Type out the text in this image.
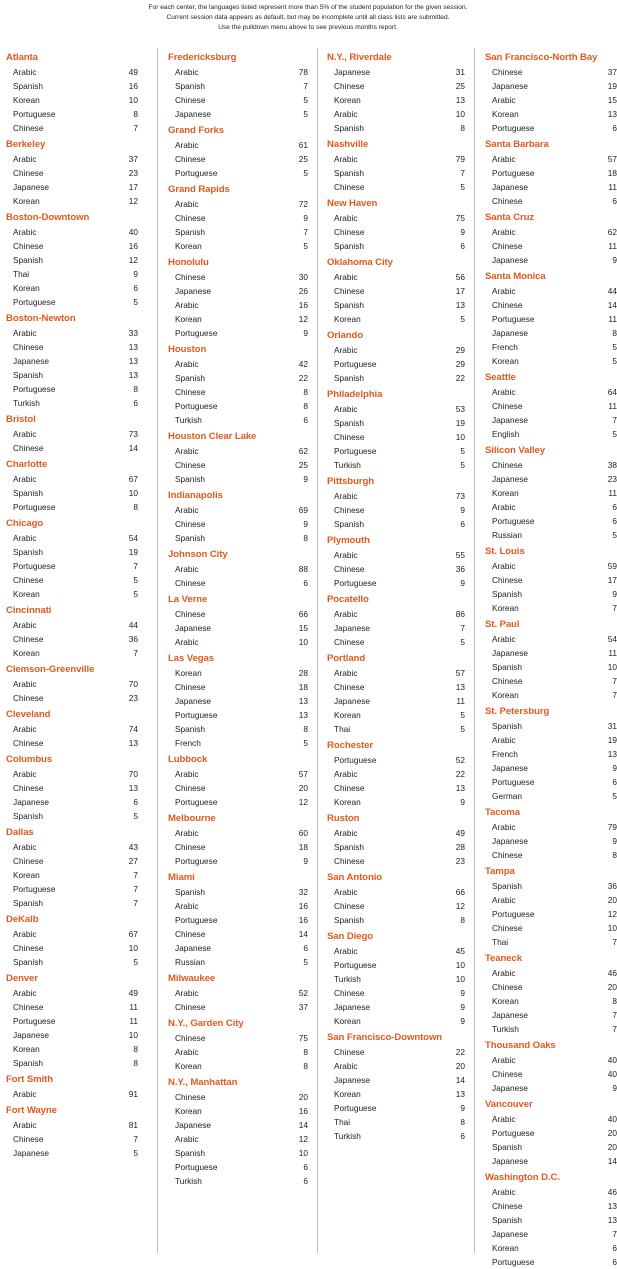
For each center, the languages listed represent more than 5% of the student population for the given session.
Current session data appears as default, but may be incomplete until all class lists are submitted.
Use the pulldown menu above to see previous months report.
Atlanta
Arabic	49
Spanish	16
Korean	10
Portuguese	8
Chinese	7
Berkeley
Arabic	37
Chinese	23
Japanese	17
Korean	12
Boston-Downtown
Arabic	40
Chinese	16
Spanish	12
Thai	9
Korean	6
Portuguese	5
Boston-Newton
Arabic	33
Chinese	13
Japanese	13
Spanish	13
Portuguese	8
Turkish	6
Bristol
Arabic	73
Chinese	14
Charlotte
Arabic	67
Spanish	10
Portuguese	8
Chicago
Arabic	54
Spanish	19
Portuguese	7
Chinese	5
Korean	5
Cincinnati
Arabic	44
Chinese	36
Korean	7
Clemson-Greenville
Arabic	70
Chinese	23
Cleveland
Arabic	74
Chinese	13
Columbus
Arabic	70
Chinese	13
Japanese	6
Spanish	5
Dallas
Arabic	43
Chinese	27
Korean	7
Portuguese	7
Spanish	7
DeKalb
Arabic	67
Chinese	10
Spanish	5
Denver
Arabic	49
Chinese	11
Portuguese	11
Japanese	10
Korean	8
Spanish	8
Fort Smith
Arabic	91
Fort Wayne
Arabic	81
Chinese	7
Japanese	5
Fredericksburg
Arabic	78
Spanish	7
Chinese	5
Japanese	5
Grand Forks
Arabic	61
Chinese	25
Portuguese	5
Grand Rapids
Arabic	72
Chinese	9
Spanish	7
Korean	5
Honolulu
Chinese	30
Japanese	26
Arabic	16
Korean	12
Portuguese	9
Houston
Arabic	42
Spanish	22
Chinese	8
Portuguese	8
Turkish	6
Houston Clear Lake
Arabic	62
Chinese	25
Spanish	9
Indianapolis
Arabic	69
Chinese	9
Spanish	8
Johnson City
Arabic	88
Chinese	6
La Verne
Chinese	66
Japanese	15
Arabic	10
Las Vegas
Korean	28
Chinese	18
Japanese	13
Portuguese	13
Spanish	8
French	5
Lubbock
Arabic	57
Chinese	20
Portuguese	12
Melbourne
Arabic	60
Chinese	18
Portuguese	9
Miami
Spanish	32
Arabic	16
Portuguese	16
Chinese	14
Japanese	6
Russian	5
Milwaukee
Arabic	52
Chinese	37
N.Y., Garden City
Chinese	75
Arabic	8
Korean	8
N.Y., Manhattan
Chinese	20
Korean	16
Japanese	14
Arabic	12
Spanish	10
Portuguese	6
Turkish	6
N.Y., Riverdale
Japanese	31
Chinese	25
Korean	13
Arabic	10
Spanish	8
Nashville
Arabic	79
Spanish	7
Chinese	5
New Haven
Arabic	75
Chinese	9
Spanish	6
Oklahoma City
Arabic	56
Chinese	17
Spanish	13
Korean	5
Orlando
Arabic	29
Portuguese	29
Spanish	22
Philadelphia
Arabic	53
Spanish	19
Chinese	10
Portuguese	5
Turkish	5
Pittsburgh
Arabic	73
Chinese	9
Spanish	6
Plymouth
Arabic	55
Chinese	36
Portuguese	9
Pocatello
Arabic	86
Japanese	7
Chinese	5
Portland
Arabic	57
Chinese	13
Japanese	11
Korean	5
Thai	5
Rochester
Portuguese	52
Arabic	22
Chinese	13
Korean	9
Ruston
Arabic	49
Spanish	28
Chinese	23
San Antonio
Arabic	66
Chinese	12
Spanish	8
San Diego
Arabic	45
Portuguese	10
Turkish	10
Chinese	9
Japanese	9
Korean	9
San Francisco-Downtown
Chinese	22
Arabic	20
Japanese	14
Korean	13
Portuguese	9
Thai	8
Turkish	6
San Francisco-North Bay
Chinese	37
Japanese	19
Arabic	15
Korean	13
Portuguese	6
Santa Barbara
Arabic	57
Portuguese	18
Japanese	11
Chinese	6
Santa Cruz
Arabic	62
Chinese	11
Japanese	9
Santa Monica
Arabic	44
Chinese	14
Portuguese	11
Japanese	8
French	5
Korean	5
Seattle
Arabic	64
Chinese	11
Japanese	7
English	5
Silicon Valley
Chinese	38
Japanese	23
Korean	11
Arabic	6
Portuguese	6
Russian	5
St. Louis
Arabic	59
Chinese	17
Spanish	9
Korean	7
St. Paul
Arabic	54
Japanese	11
Spanish	10
Chinese	7
Korean	7
St. Petersburg
Spanish	31
Arabic	19
French	13
Japanese	9
Portuguese	6
German	5
Tacoma
Arabic	79
Japanese	9
Chinese	8
Tampa
Spanish	36
Arabic	20
Portuguese	12
Chinese	10
Thai	7
Teaneck
Arabic	46
Chinese	20
Korean	8
Japanese	7
Turkish	7
Thousand Oaks
Arabic	40
Chinese	40
Japanese	9
Vancouver
Arabic	40
Portuguese	20
Spanish	20
Japanese	14
Washington D.C.
Arabic	46
Chinese	13
Spanish	13
Japanese	7
Korean	6
Portuguese	6
